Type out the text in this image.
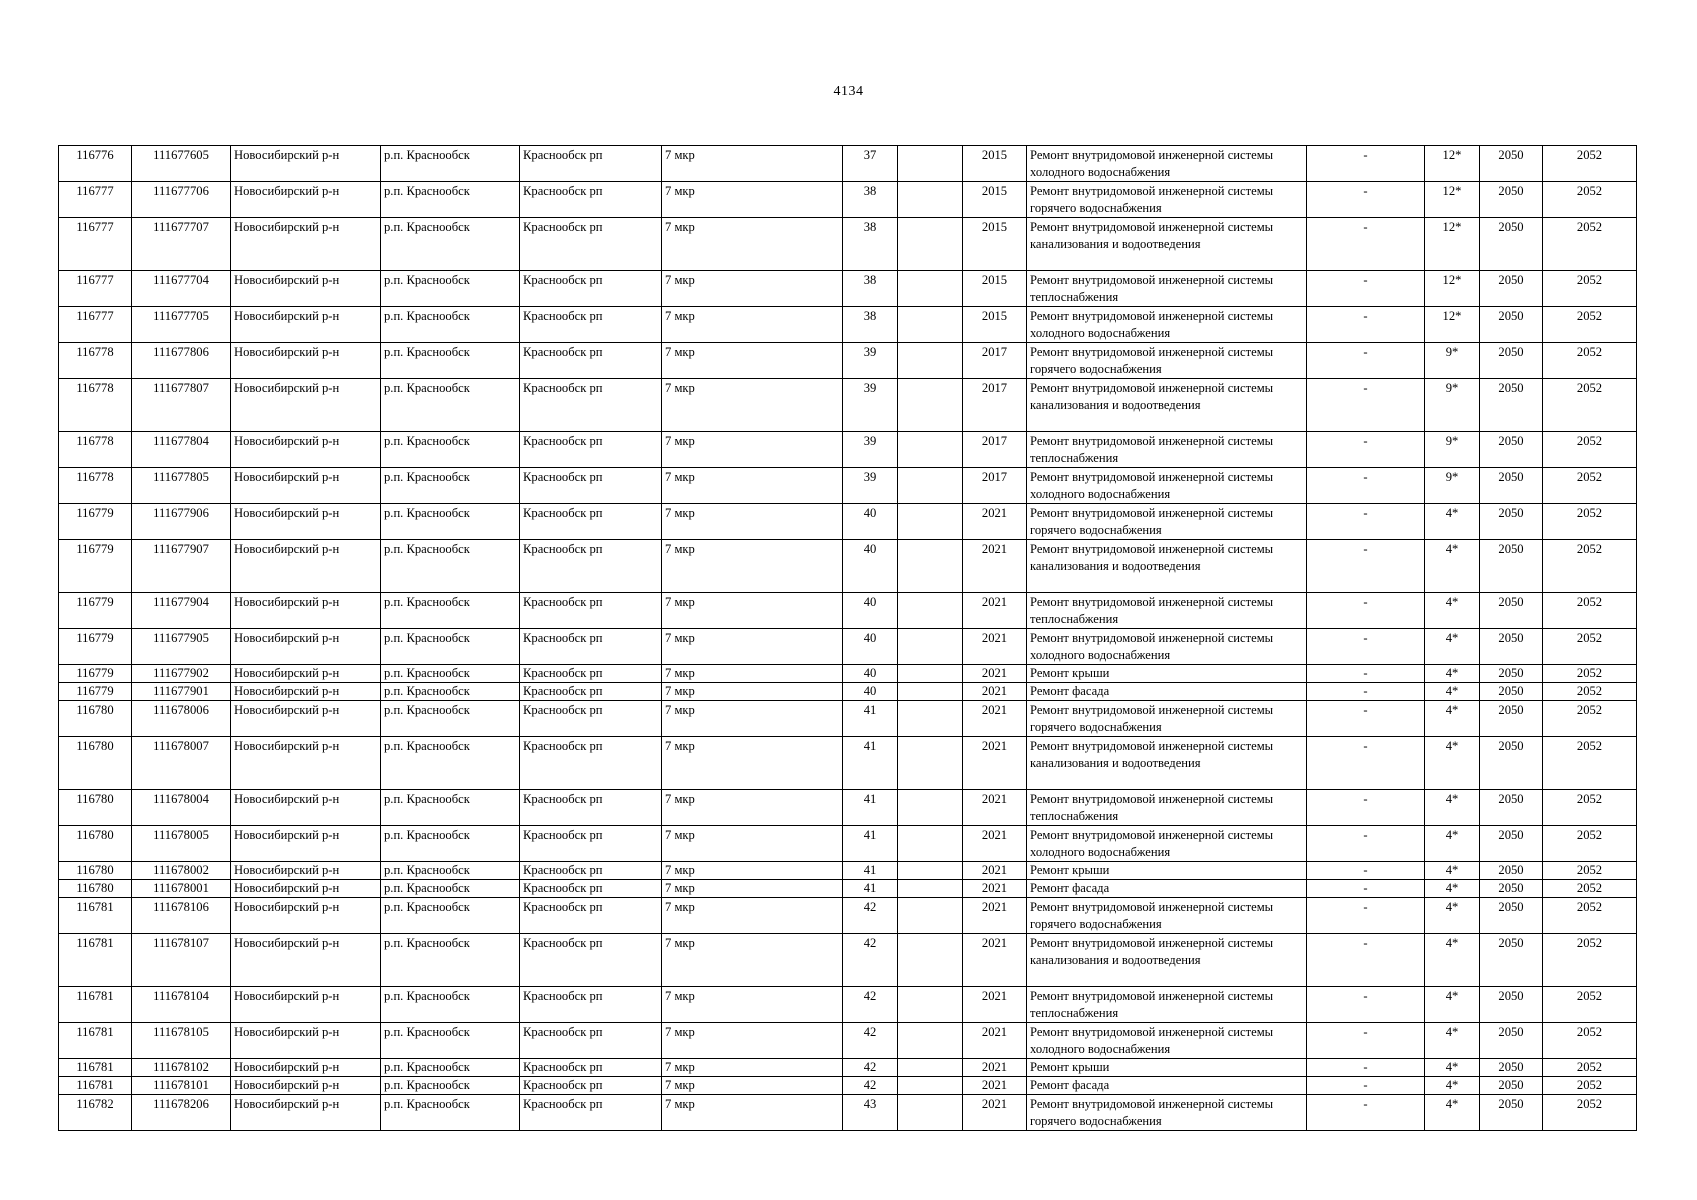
4134
116776	111677605	Новосибирский р-н	р.п. Краснообск	Краснообск рп	7 мкр	37		2015	Ремонт внутридомовой инженерной системы холодного водоснабжения	-	12*	2050	2052
116777	111677706	Новосибирский р-н	р.п. Краснообск	Краснообск рп	7 мкр	38		2015	Ремонт внутридомовой инженерной системы горячего водоснабжения	-	12*	2050	2052
116777	111677707	Новосибирский р-н	р.п. Краснообск	Краснообск рп	7 мкр	38		2015	Ремонт внутридомовой инженерной системы канализования и водоотведения	-	12*	2050	2052
116777	111677704	Новосибирский р-н	р.п. Краснообск	Краснообск рп	7 мкр	38		2015	Ремонт внутридомовой инженерной системы теплоснабжения	-	12*	2050	2052
116777	111677705	Новосибирский р-н	р.п. Краснообск	Краснообск рп	7 мкр	38		2015	Ремонт внутридомовой инженерной системы холодного водоснабжения	-	12*	2050	2052
116778	111677806	Новосибирский р-н	р.п. Краснообск	Краснообск рп	7 мкр	39		2017	Ремонт внутридомовой инженерной системы горячего водоснабжения	-	9*	2050	2052
116778	111677807	Новосибирский р-н	р.п. Краснообск	Краснообск рп	7 мкр	39		2017	Ремонт внутридомовой инженерной системы канализования и водоотведения	-	9*	2050	2052
116778	111677804	Новосибирский р-н	р.п. Краснообск	Краснообск рп	7 мкр	39		2017	Ремонт внутридомовой инженерной системы теплоснабжения	-	9*	2050	2052
116778	111677805	Новосибирский р-н	р.п. Краснообск	Краснообск рп	7 мкр	39		2017	Ремонт внутридомовой инженерной системы холодного водоснабжения	-	9*	2050	2052
116779	111677906	Новосибирский р-н	р.п. Краснообск	Краснообск рп	7 мкр	40		2021	Ремонт внутридомовой инженерной системы горячего водоснабжения	-	4*	2050	2052
116779	111677907	Новосибирский р-н	р.п. Краснообск	Краснообск рп	7 мкр	40		2021	Ремонт внутридомовой инженерной системы канализования и водоотведения	-	4*	2050	2052
116779	111677904	Новосибирский р-н	р.п. Краснообск	Краснообск рп	7 мкр	40		2021	Ремонт внутридомовой инженерной системы теплоснабжения	-	4*	2050	2052
116779	111677905	Новосибирский р-н	р.п. Краснообск	Краснообск рп	7 мкр	40		2021	Ремонт внутридомовой инженерной системы холодного водоснабжения	-	4*	2050	2052
116779	111677902	Новосибирский р-н	р.п. Краснообск	Краснообск рп	7 мкр	40		2021	Ремонт крыши	-	4*	2050	2052
116779	111677901	Новосибирский р-н	р.п. Краснообск	Краснообск рп	7 мкр	40		2021	Ремонт фасада	-	4*	2050	2052
116780	111678006	Новосибирский р-н	р.п. Краснообск	Краснообск рп	7 мкр	41		2021	Ремонт внутридомовой инженерной системы горячего водоснабжения	-	4*	2050	2052
116780	111678007	Новосибирский р-н	р.п. Краснообск	Краснообск рп	7 мкр	41		2021	Ремонт внутридомовой инженерной системы канализования и водоотведения	-	4*	2050	2052
116780	111678004	Новосибирский р-н	р.п. Краснообск	Краснообск рп	7 мкр	41		2021	Ремонт внутридомовой инженерной системы теплоснабжения	-	4*	2050	2052
116780	111678005	Новосибирский р-н	р.п. Краснообск	Краснообск рп	7 мкр	41		2021	Ремонт внутридомовой инженерной системы холодного водоснабжения	-	4*	2050	2052
116780	111678002	Новосибирский р-н	р.п. Краснообск	Краснообск рп	7 мкр	41		2021	Ремонт крыши	-	4*	2050	2052
116780	111678001	Новосибирский р-н	р.п. Краснообск	Краснообск рп	7 мкр	41		2021	Ремонт фасада	-	4*	2050	2052
116781	111678106	Новосибирский р-н	р.п. Краснообск	Краснообск рп	7 мкр	42		2021	Ремонт внутридомовой инженерной системы горячего водоснабжения	-	4*	2050	2052
116781	111678107	Новосибирский р-н	р.п. Краснообск	Краснообск рп	7 мкр	42		2021	Ремонт внутридомовой инженерной системы канализования и водоотведения	-	4*	2050	2052
116781	111678104	Новосибирский р-н	р.п. Краснообск	Краснообск рп	7 мкр	42		2021	Ремонт внутридомовой инженерной системы теплоснабжения	-	4*	2050	2052
116781	111678105	Новосибирский р-н	р.п. Краснообск	Краснообск рп	7 мкр	42		2021	Ремонт внутридомовой инженерной системы холодного водоснабжения	-	4*	2050	2052
116781	111678102	Новосибирский р-н	р.п. Краснообск	Краснообск рп	7 мкр	42		2021	Ремонт крыши	-	4*	2050	2052
116781	111678101	Новосибирский р-н	р.п. Краснообск	Краснообск рп	7 мкр	42		2021	Ремонт фасада	-	4*	2050	2052
116782	111678206	Новосибирский р-н	р.п. Краснообск	Краснообск рп	7 мкр	43		2021	Ремонт внутридомовой инженерной системы горячего водоснабжения	-	4*	2050	2052
